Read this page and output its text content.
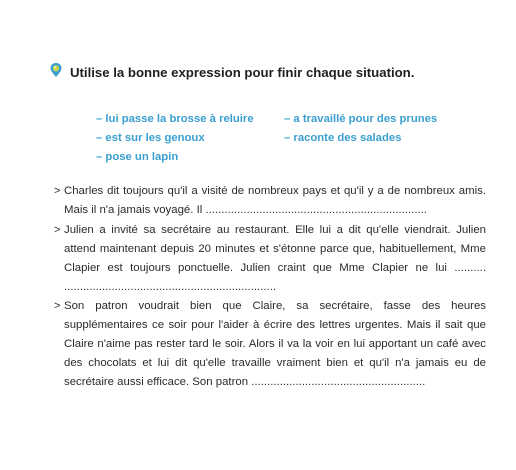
Utilise la bonne expression pour finir chaque situation.
– lui passe la brosse à reluire	– a travaillé pour des prunes
– est sur les genoux	– raconte des salades
– pose un lapin
> Charles dit toujours qu'il a visité de nombreux pays et qu'il y a de nombreux amis. Mais il n'a jamais voyagé. Il ......................................................................
> Julien a invité sa secrétaire au restaurant. Elle lui a dit qu'elle viendrait. Julien attend maintenant depuis 20 minutes et s'étonne parce que, habituellement, Mme Clapier est toujours ponctuelle. Julien craint que Mme Clapier ne lui .......... ...................................................................
> Son patron voudrait bien que Claire, sa secrétaire, fasse des heures supplémentaires ce soir pour l'aider à écrire des lettres urgentes. Mais il sait que Claire n'aime pas rester tard le soir. Alors il va la voir en lui apportant un café avec des chocolats et lui dit qu'elle travaille vraiment bien et qu'il n'a jamais eu de secrétaire aussi efficace. Son patron .......................................................
